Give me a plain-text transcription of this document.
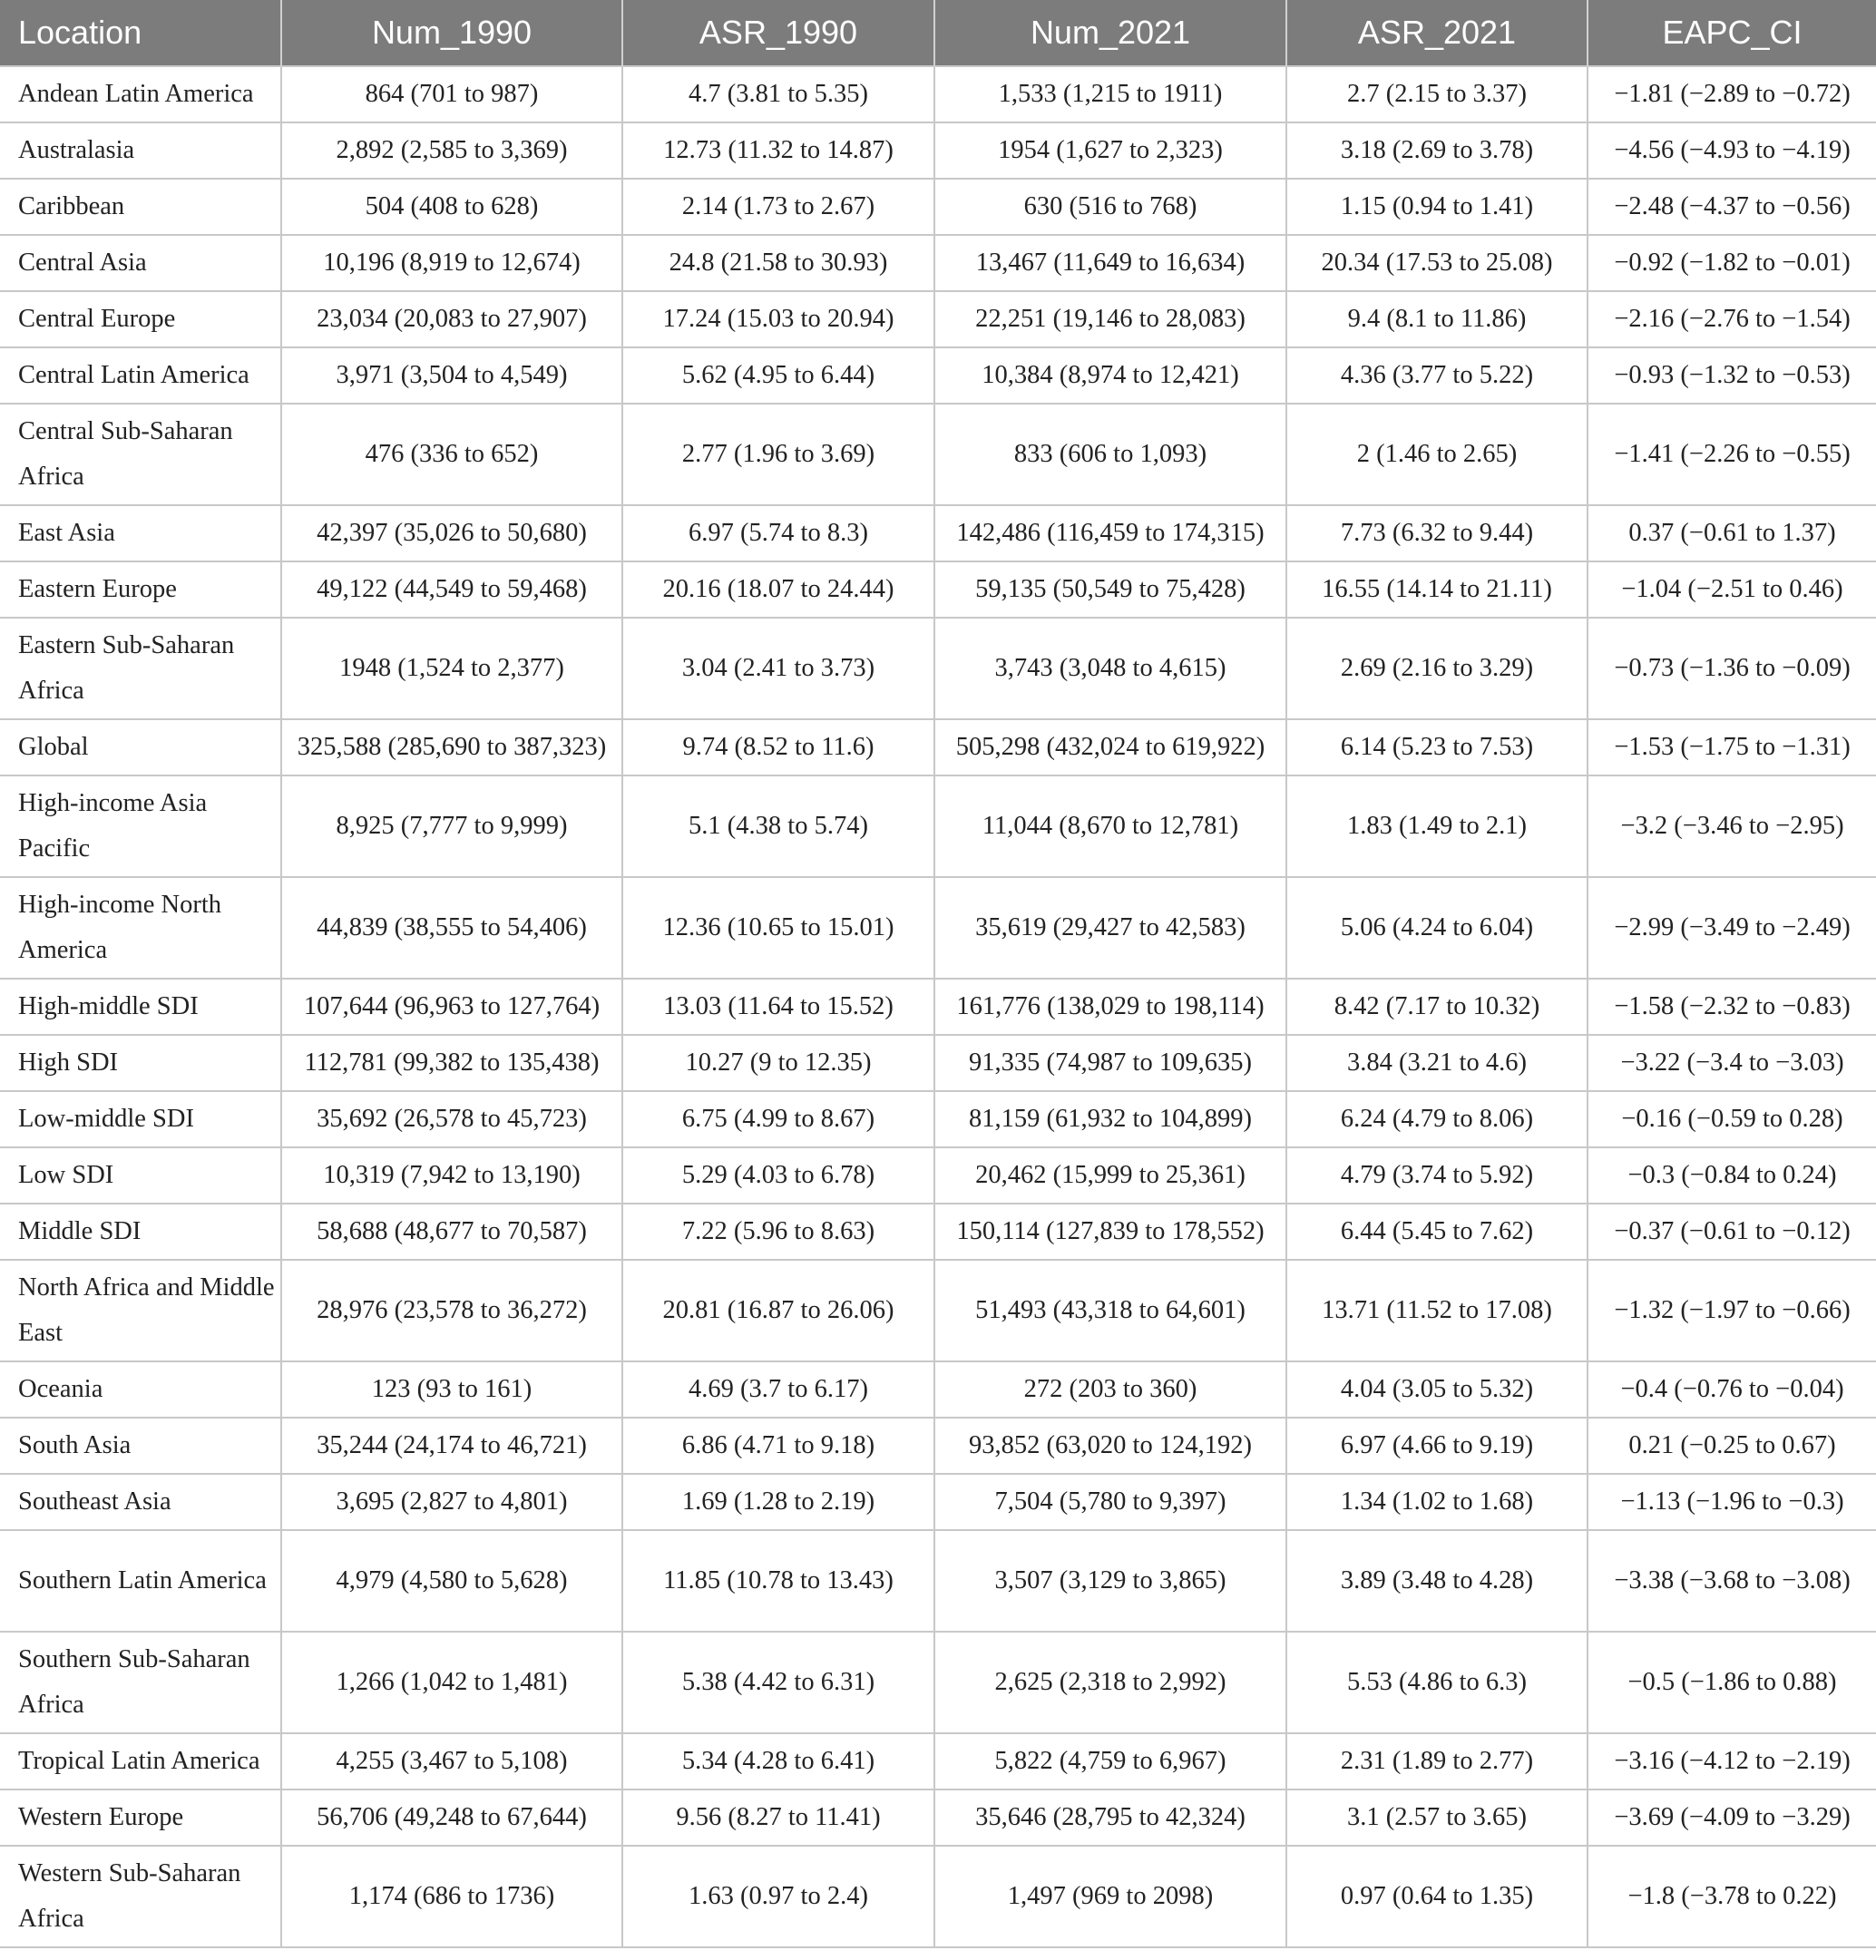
Location	Num_1990	ASR_1990	Num_2021	ASR_2021	EAPC_CI
Andean Latin America	864 (701 to 987)	4.7 (3.81 to 5.35)	1,533 (1,215 to 1911)	2.7 (2.15 to 3.37)	−1.81 (−2.89 to −0.72)
Australasia	2,892 (2,585 to 3,369)	12.73 (11.32 to 14.87)	1954 (1,627 to 2,323)	3.18 (2.69 to 3.78)	−4.56 (−4.93 to −4.19)
Caribbean	504 (408 to 628)	2.14 (1.73 to 2.67)	630 (516 to 768)	1.15 (0.94 to 1.41)	−2.48 (−4.37 to −0.56)
Central Asia	10,196 (8,919 to 12,674)	24.8 (21.58 to 30.93)	13,467 (11,649 to 16,634)	20.34 (17.53 to 25.08)	−0.92 (−1.82 to −0.01)
Central Europe	23,034 (20,083 to 27,907)	17.24 (15.03 to 20.94)	22,251 (19,146 to 28,083)	9.4 (8.1 to 11.86)	−2.16 (−2.76 to −1.54)
Central Latin America	3,971 (3,504 to 4,549)	5.62 (4.95 to 6.44)	10,384 (8,974 to 12,421)	4.36 (3.77 to 5.22)	−0.93 (−1.32 to −0.53)
Central Sub-Saharan Africa	476 (336 to 652)	2.77 (1.96 to 3.69)	833 (606 to 1,093)	2 (1.46 to 2.65)	−1.41 (−2.26 to −0.55)
East Asia	42,397 (35,026 to 50,680)	6.97 (5.74 to 8.3)	142,486 (116,459 to 174,315)	7.73 (6.32 to 9.44)	0.37 (−0.61 to 1.37)
Eastern Europe	49,122 (44,549 to 59,468)	20.16 (18.07 to 24.44)	59,135 (50,549 to 75,428)	16.55 (14.14 to 21.11)	−1.04 (−2.51 to 0.46)
Eastern Sub-Saharan Africa	1948 (1,524 to 2,377)	3.04 (2.41 to 3.73)	3,743 (3,048 to 4,615)	2.69 (2.16 to 3.29)	−0.73 (−1.36 to −0.09)
Global	325,588 (285,690 to 387,323)	9.74 (8.52 to 11.6)	505,298 (432,024 to 619,922)	6.14 (5.23 to 7.53)	−1.53 (−1.75 to −1.31)
High-income Asia Pacific	8,925 (7,777 to 9,999)	5.1 (4.38 to 5.74)	11,044 (8,670 to 12,781)	1.83 (1.49 to 2.1)	−3.2 (−3.46 to −2.95)
High-income North America	44,839 (38,555 to 54,406)	12.36 (10.65 to 15.01)	35,619 (29,427 to 42,583)	5.06 (4.24 to 6.04)	−2.99 (−3.49 to −2.49)
High-middle SDI	107,644 (96,963 to 127,764)	13.03 (11.64 to 15.52)	161,776 (138,029 to 198,114)	8.42 (7.17 to 10.32)	−1.58 (−2.32 to −0.83)
High SDI	112,781 (99,382 to 135,438)	10.27 (9 to 12.35)	91,335 (74,987 to 109,635)	3.84 (3.21 to 4.6)	−3.22 (−3.4 to −3.03)
Low-middle SDI	35,692 (26,578 to 45,723)	6.75 (4.99 to 8.67)	81,159 (61,932 to 104,899)	6.24 (4.79 to 8.06)	−0.16 (−0.59 to 0.28)
Low SDI	10,319 (7,942 to 13,190)	5.29 (4.03 to 6.78)	20,462 (15,999 to 25,361)	4.79 (3.74 to 5.92)	−0.3 (−0.84 to 0.24)
Middle SDI	58,688 (48,677 to 70,587)	7.22 (5.96 to 8.63)	150,114 (127,839 to 178,552)	6.44 (5.45 to 7.62)	−0.37 (−0.61 to −0.12)
North Africa and Middle East	28,976 (23,578 to 36,272)	20.81 (16.87 to 26.06)	51,493 (43,318 to 64,601)	13.71 (11.52 to 17.08)	−1.32 (−1.97 to −0.66)
Oceania	123 (93 to 161)	4.69 (3.7 to 6.17)	272 (203 to 360)	4.04 (3.05 to 5.32)	−0.4 (−0.76 to −0.04)
South Asia	35,244 (24,174 to 46,721)	6.86 (4.71 to 9.18)	93,852 (63,020 to 124,192)	6.97 (4.66 to 9.19)	0.21 (−0.25 to 0.67)
Southeast Asia	3,695 (2,827 to 4,801)	1.69 (1.28 to 2.19)	7,504 (5,780 to 9,397)	1.34 (1.02 to 1.68)	−1.13 (−1.96 to −0.3)
Southern Latin America	4,979 (4,580 to 5,628)	11.85 (10.78 to 13.43)	3,507 (3,129 to 3,865)	3.89 (3.48 to 4.28)	−3.38 (−3.68 to −3.08)
Southern Sub-Saharan Africa	1,266 (1,042 to 1,481)	5.38 (4.42 to 6.31)	2,625 (2,318 to 2,992)	5.53 (4.86 to 6.3)	−0.5 (−1.86 to 0.88)
Tropical Latin America	4,255 (3,467 to 5,108)	5.34 (4.28 to 6.41)	5,822 (4,759 to 6,967)	2.31 (1.89 to 2.77)	−3.16 (−4.12 to −2.19)
Western Europe	56,706 (49,248 to 67,644)	9.56 (8.27 to 11.41)	35,646 (28,795 to 42,324)	3.1 (2.57 to 3.65)	−3.69 (−4.09 to −3.29)
Western Sub-Saharan Africa	1,174 (686 to 1736)	1.63 (0.97 to 2.4)	1,497 (969 to 2098)	0.97 (0.64 to 1.35)	−1.8 (−3.78 to 0.22)
